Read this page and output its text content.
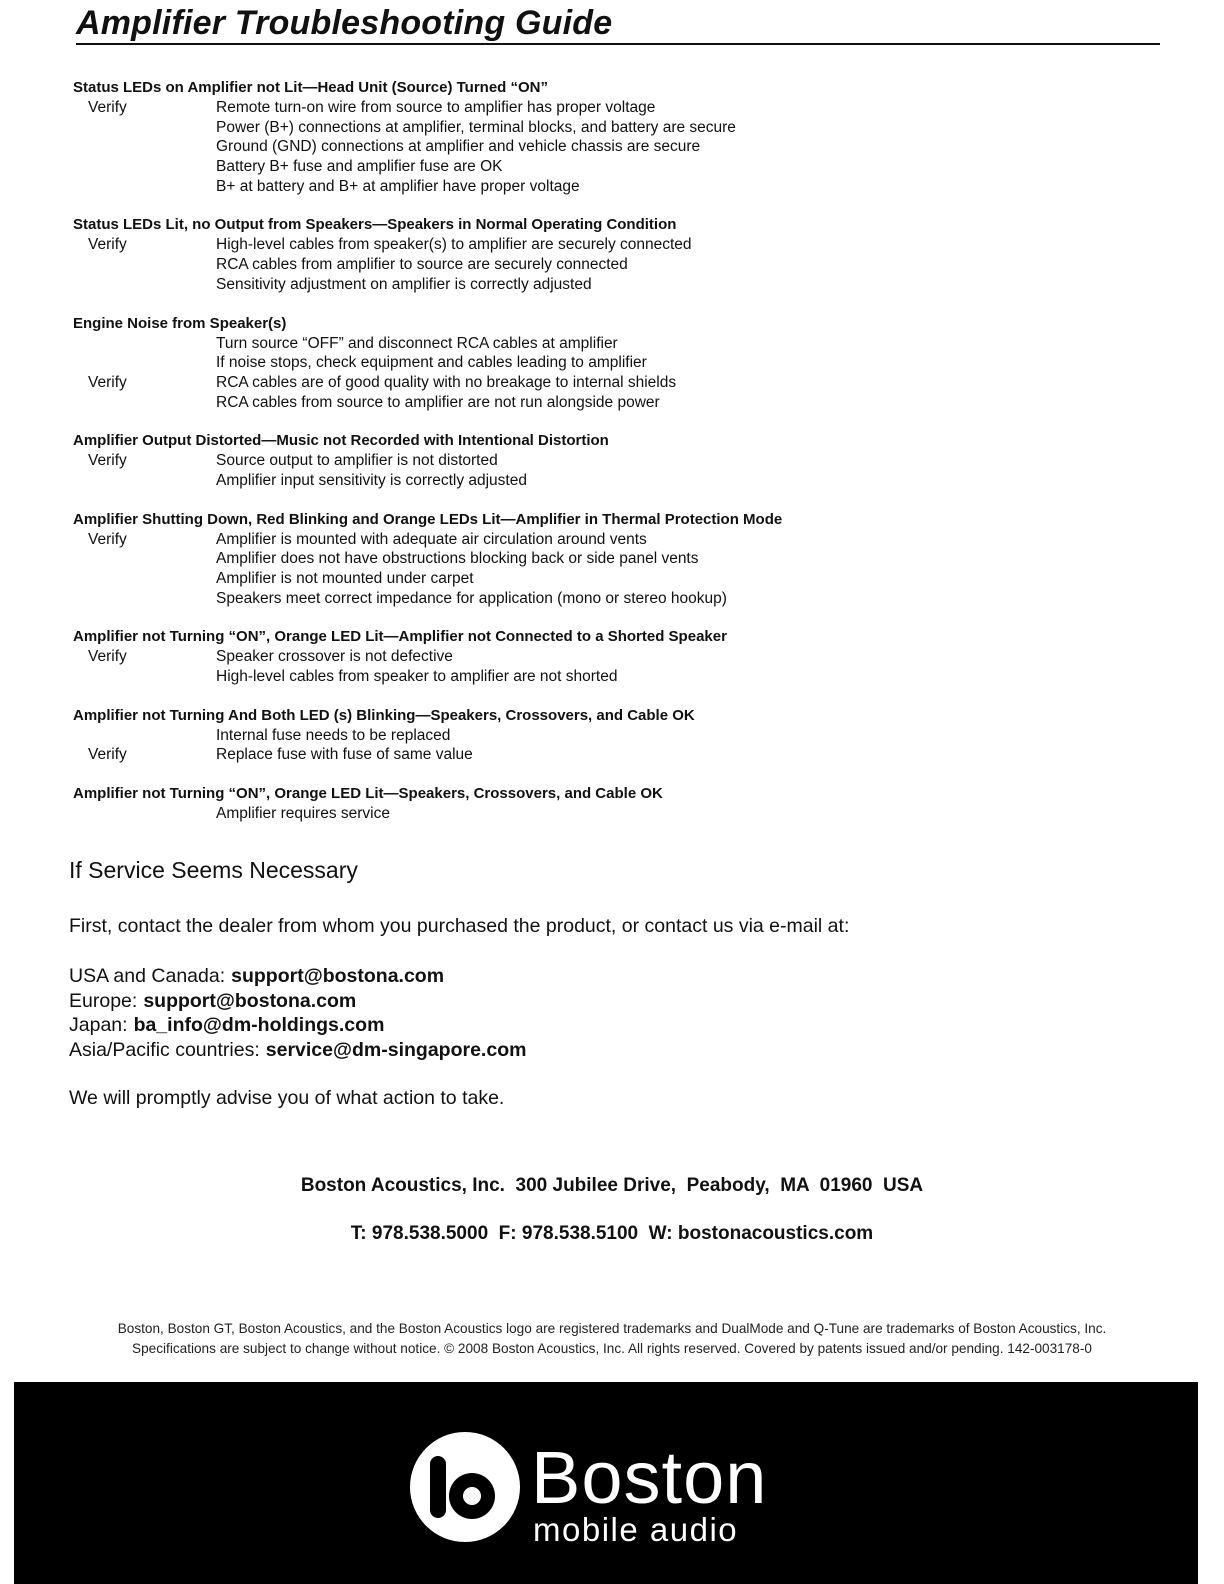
Amplifier Troubleshooting Guide
Status LEDs on Amplifier not Lit—Head Unit (Source) Turned “ON”
Verify	Remote turn-on wire from source to amplifier has proper voltage
Power (B+) connections at amplifier, terminal blocks, and battery are secure
Ground (GND) connections at amplifier and vehicle chassis are secure
Battery B+ fuse and amplifier fuse are OK
B+ at battery and B+ at amplifier have proper voltage
Status LEDs Lit, no Output from Speakers—Speakers in Normal Operating Condition
Verify	High-level cables from speaker(s) to amplifier are securely connected
RCA cables from amplifier to source are securely connected
Sensitivity adjustment on amplifier is correctly adjusted
Engine Noise from Speaker(s)
Turn source “OFF” and disconnect RCA cables at amplifier
If noise stops, check equipment and cables leading to amplifier
Verify	RCA cables are of good quality with no breakage to internal shields
RCA cables from source to amplifier are not run alongside power
Amplifier Output Distorted—Music not Recorded with Intentional Distortion
Verify	Source output to amplifier is not distorted
Amplifier input sensitivity is correctly adjusted
Amplifier Shutting Down, Red Blinking and Orange LEDs Lit—Amplifier in Thermal Protection Mode
Verify	Amplifier is mounted with adequate air circulation around vents
Amplifier does not have obstructions blocking back or side panel vents
Amplifier is not mounted under carpet
Speakers meet correct impedance for application (mono or stereo hookup)
Amplifier not Turning “ON”, Orange LED Lit—Amplifier not Connected to a Shorted Speaker
Verify	Speaker crossover is not defective
High-level cables from speaker to amplifier are not shorted
Amplifier not Turning And Both LED (s) Blinking—Speakers, Crossovers, and Cable OK
Internal fuse needs to be replaced
Verify	Replace fuse with fuse of same value
Amplifier not Turning “ON”, Orange LED Lit—Speakers, Crossovers, and Cable OK
Amplifier requires service
If Service Seems Necessary
First, contact the dealer from whom you purchased the product, or contact us via e-mail at:
USA and Canada: support@bostona.com
Europe: support@bostona.com
Japan: ba_info@dm-holdings.com
Asia/Pacific countries: service@dm-singapore.com
We will promptly advise you of what action to take.
Boston Acoustics, Inc.  300 Jubilee Drive,  Peabody,  MA  01960  USA
T: 978.538.5000  F: 978.538.5100  W: bostonacoustics.com
Boston, Boston GT, Boston Acoustics, and the Boston Acoustics logo are registered trademarks and DualMode and Q-Tune are trademarks of Boston Acoustics, Inc.
Specifications are subject to change without notice. © 2008 Boston Acoustics, Inc. All rights reserved. Covered by patents issued and/or pending. 142-003178-0
Boston
mobile audio
